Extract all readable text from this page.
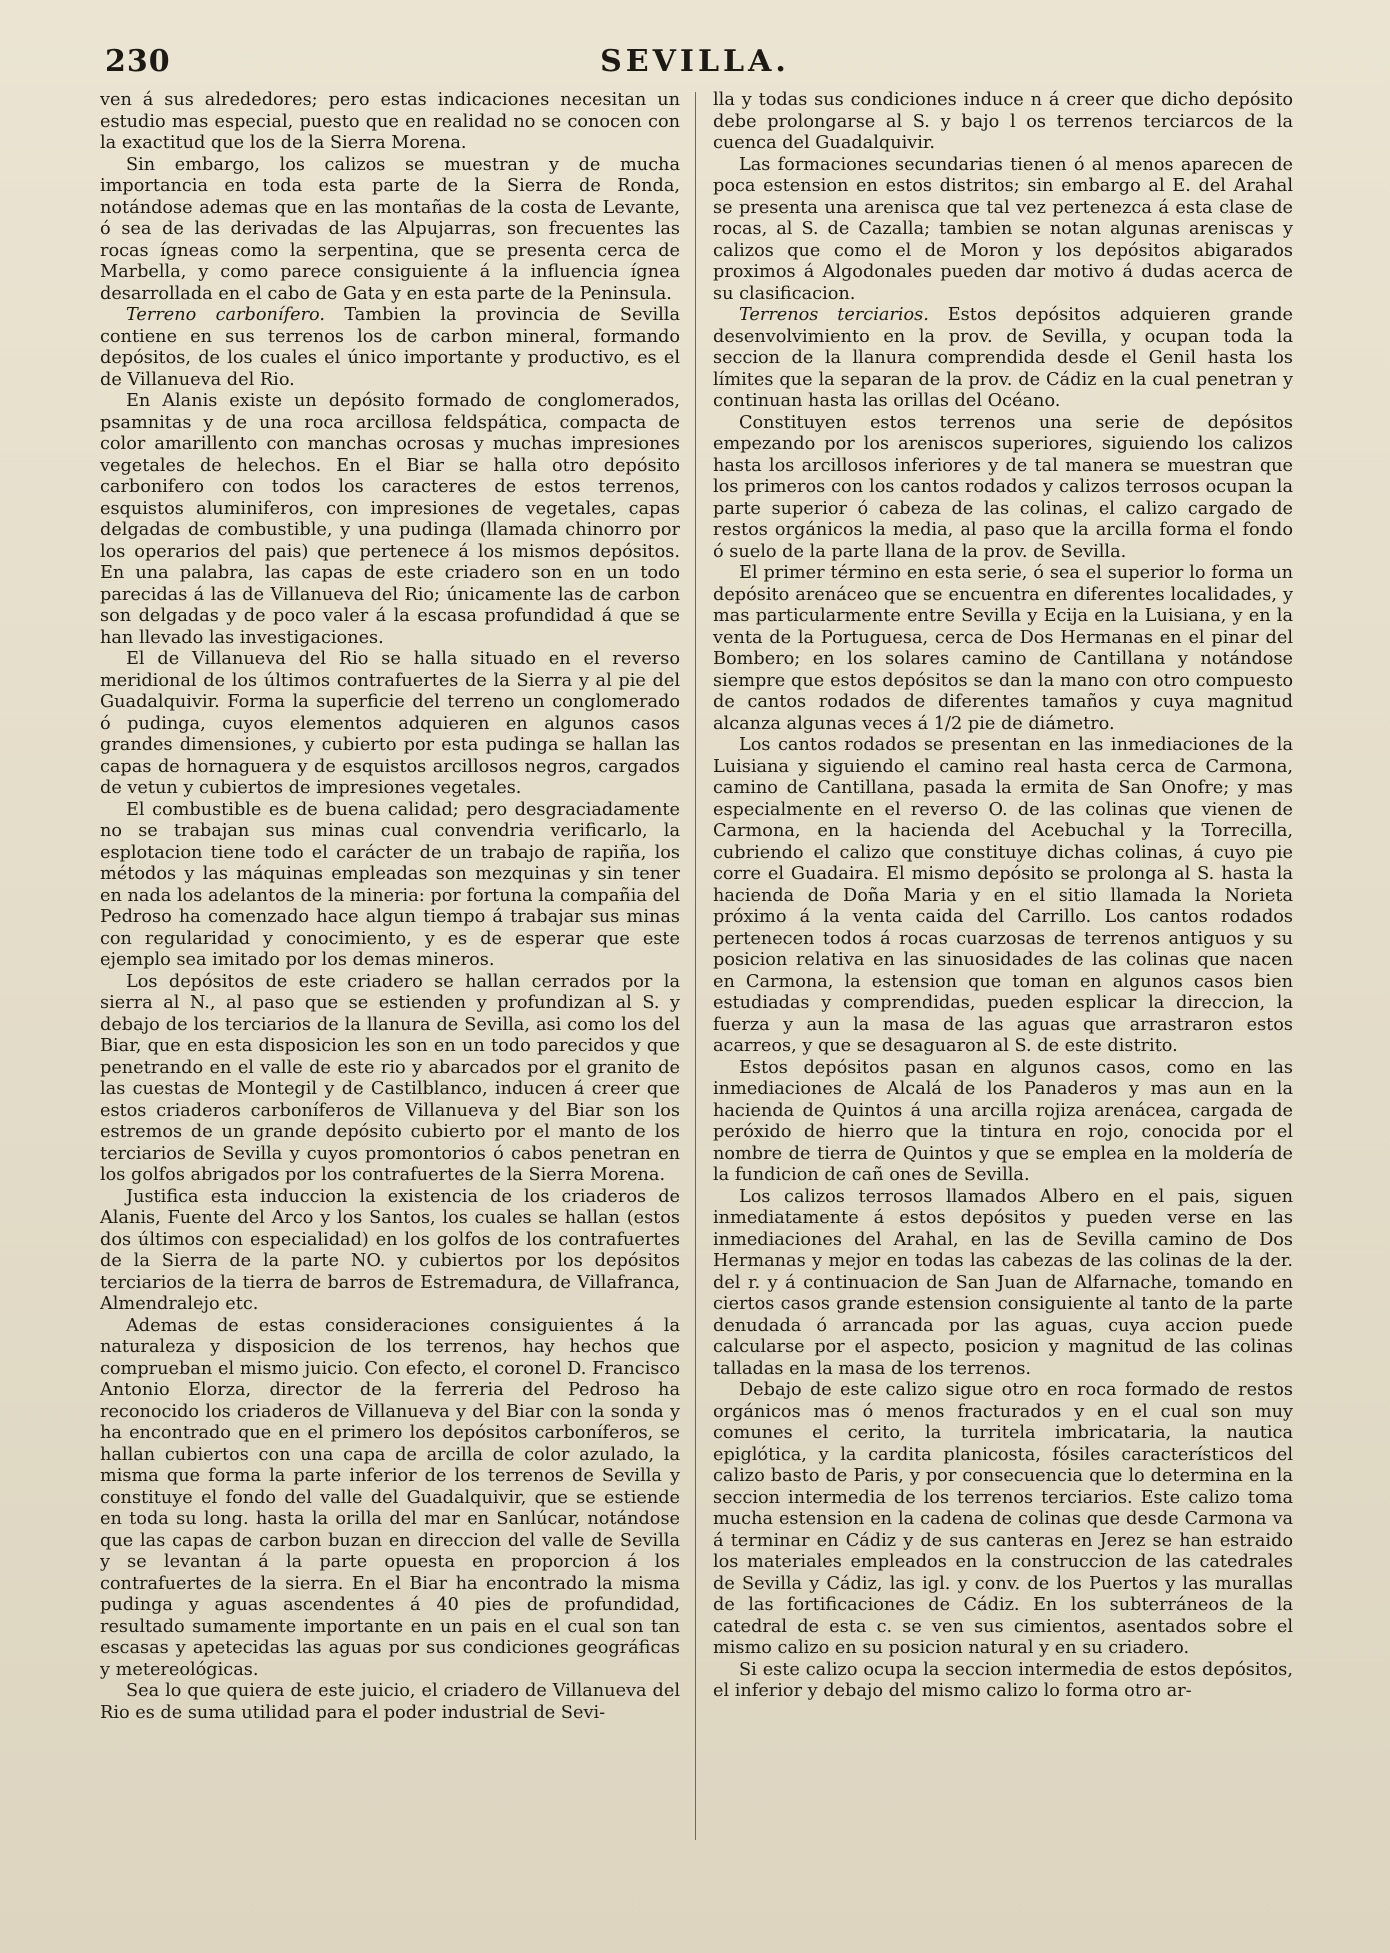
230	SEVILLA.

ven á sus alrededores; pero estas indicaciones necesitan un estudio mas especial, puesto que en realidad no se conocen con la exactitud que los de la Sierra Morena.

Sin embargo, los calizos se muestran y de mucha importancia en toda esta parte de la Sierra de Ronda, notándose ademas que en las montañas de la costa de Levante, ó sea de las derivadas de las Alpujarras, son frecuentes las rocas ígneas como la serpentina, que se presenta cerca de Marbella, y como parece consiguiente á la influencia ígnea desarrollada en el cabo de Gata y en esta parte de la Peninsula.

Terreno carbonífero. Tambien la provincia de Sevilla contiene en sus terrenos los de carbon mineral, formando depósitos, de los cuales el único importante y productivo, es el de Villanueva del Rio.

En Alanis existe un depósito formado de conglomerados, psamnitas y de una roca arcillosa feldspática, compacta de color amarillento con manchas ocrosas y muchas impresiones vegetales de helechos. En el Biar se halla otro depósito carbonifero con todos los caracteres de estos terrenos, esquistos aluminiferos, con impresiones de vegetales, capas delgadas de combustible, y una pudinga (llamada chinorro por los operarios del pais) que pertenece á los mismos depósitos. En una palabra, las capas de este criadero son en un todo parecidas á las de Villanueva del Rio; únicamente las de carbon son delgadas y de poco valer á la escasa profundidad á que se han llevado las investigaciones.

El de Villanueva del Rio se halla situado en el reverso meridional de los últimos contrafuertes de la Sierra y al pie del Guadalquivir. Forma la superficie del terreno un conglomerado ó pudinga, cuyos elementos adquieren en algunos casos grandes dimensiones, y cubierto por esta pudinga se hallan las capas de hornaguera y de esquistos arcillosos negros, cargados de vetun y cubiertos de impresiones vegetales.

El combustible es de buena calidad; pero desgraciadamente no se trabajan sus minas cual convendria verificarlo, la esplotacion tiene todo el carácter de un trabajo de rapiña, los métodos y las máquinas empleadas son mezquinas y sin tener en nada los adelantos de la mineria: por fortuna la compañia del Pedroso ha comenzado hace algun tiempo á trabajar sus minas con regularidad y conocimiento, y es de esperar que este ejemplo sea imitado por los demas mineros.

Los depósitos de este criadero se hallan cerrados por la sierra al N., al paso que se estienden y profundizan al S. y debajo de los terciarios de la llanura de Sevilla, asi como los del Biar, que en esta disposicion les son en un todo parecidos y que penetrando en el valle de este rio y abarcados por el granito de las cuestas de Montegil y de Castilblanco, inducen á creer que estos criaderos carboníferos de Villanueva y del Biar son los estremos de un grande depósito cubierto por el manto de los terciarios de Sevilla y cuyos promontorios ó cabos penetran en los golfos abrigados por los contrafuertes de la Sierra Morena.

Justifica esta induccion la existencia de los criaderos de Alanis, Fuente del Arco y los Santos, los cuales se hallan (estos dos últimos con especialidad) en los golfos de los contrafuertes de la Sierra de la parte NO. y cubiertos por los depósitos terciarios de la tierra de barros de Estremadura, de Villafranca, Almendralejo etc.

Ademas de estas consideraciones consiguientes á la naturaleza y disposicion de los terrenos, hay hechos que comprueban el mismo juicio. Con efecto, el coronel D. Francisco Antonio Elorza, director de la ferreria del Pedroso ha reconocido los criaderos de Villanueva y del Biar con la sonda y ha encontrado que en el primero los depósitos carboníferos, se hallan cubiertos con una capa de arcilla de color azulado, la misma que forma la parte inferior de los terrenos de Sevilla y constituye el fondo del valle del Guadalquivir, que se estiende en toda su long. hasta la orilla del mar en Sanlúcar, notándose que las capas de carbon buzan en direccion del valle de Sevilla y se levantan á la parte opuesta en proporcion á los contrafuertes de la sierra. En el Biar ha encontrado la misma pudinga y aguas ascendentes á 40 pies de profundidad, resultado sumamente importante en un pais en el cual son tan escasas y apetecidas las aguas por sus condiciones geográficas y metereológicas.

Sea lo que quiera de este juicio, el criadero de Villanueva del Rio es de suma utilidad para el poder industrial de Sevi-

lla y todas sus condiciones induce n á creer que dicho depósito debe prolongarse al S. y bajo l os terrenos terciarcos de la cuenca del Guadalquivir.

Las formaciones secundarias tienen ó al menos aparecen de poca estension en estos distritos; sin embargo al E. del Arahal se presenta una arenisca que tal vez pertenezca á esta clase de rocas, al S. de Cazalla; tambien se notan algunas areniscas y calizos que como el de Moron y los depósitos abigarados proximos á Algodonales pueden dar motivo á dudas acerca de su clasificacion.

Terrenos terciarios. Estos depósitos adquieren grande desenvolvimiento en la prov. de Sevilla, y ocupan toda la seccion de la llanura comprendida desde el Genil hasta los límites que la separan de la prov. de Cádiz en la cual penetran y continuan hasta las orillas del Océano.

Constituyen estos terrenos una serie de depósitos empezando por los areniscos superiores, siguiendo los calizos hasta los arcillosos inferiores y de tal manera se muestran que los primeros con los cantos rodados y calizos terrosos ocupan la parte superior ó cabeza de las colinas, el calizo cargado de restos orgánicos la media, al paso que la arcilla forma el fondo ó suelo de la parte llana de la prov. de Sevilla.

El primer término en esta serie, ó sea el superior lo forma un depósito arenáceo que se encuentra en diferentes localidades, y mas particularmente entre Sevilla y Ecija en la Luisiana, y en la venta de la Portuguesa, cerca de Dos Hermanas en el pinar del Bombero; en los solares camino de Cantillana y notándose siempre que estos depósitos se dan la mano con otro compuesto de cantos rodados de diferentes tamaños y cuya magnitud alcanza algunas veces á 1/2 pie de diámetro.

Los cantos rodados se presentan en las inmediaciones de la Luisiana y siguiendo el camino real hasta cerca de Carmona, camino de Cantillana, pasada la ermita de San Onofre; y mas especialmente en el reverso O. de las colinas que vienen de Carmona, en la hacienda del Acebuchal y la Torrecilla, cubriendo el calizo que constituye dichas colinas, á cuyo pie corre el Guadaira. El mismo depósito se prolonga al S. hasta la hacienda de Doña Maria y en el sitio llamada la Norieta próximo á la venta caida del Carrillo. Los cantos rodados pertenecen todos á rocas cuarzosas de terrenos antiguos y su posicion relativa en las sinuosidades de las colinas que nacen en Carmona, la estension que toman en algunos casos bien estudiadas y comprendidas, pueden esplicar la direccion, la fuerza y aun la masa de las aguas que arrastraron estos acarreos, y que se desaguaron al S. de este distrito.

Estos depósitos pasan en algunos casos, como en las inmediaciones de Alcalá de los Panaderos y mas aun en la hacienda de Quintos á una arcilla rojiza arenácea, cargada de peróxido de hierro que la tintura en rojo, conocida por el nombre de tierra de Quintos y que se emplea en la moldería de la fundicion de cañ ones de Sevilla.

Los calizos terrosos llamados Albero en el pais, siguen inmediatamente á estos depósitos y pueden verse en las inmediaciones del Arahal, en las de Sevilla camino de Dos Hermanas y mejor en todas las cabezas de las colinas de la der. del r. y á continuacion de San Juan de Alfarnache, tomando en ciertos casos grande estension consiguiente al tanto de la parte denudada ó arrancada por las aguas, cuya accion puede calcularse por el aspecto, posicion y magnitud de las colinas talladas en la masa de los terrenos.

Debajo de este calizo sigue otro en roca formado de restos orgánicos mas ó menos fracturados y en el cual son muy comunes el cerito, la turritela imbricataria, la nautica epiglótica, y la cardita planicosta, fósiles característicos del calizo basto de Paris, y por consecuencia que lo determina en la seccion intermedia de los terrenos terciarios. Este calizo toma mucha estension en la cadena de colinas que desde Carmona va á terminar en Cádiz y de sus canteras en Jerez se han estraido los materiales empleados en la construccion de las catedrales de Sevilla y Cádiz, las igl. y conv. de los Puertos y las murallas de las fortificaciones de Cádiz. En los subterráneos de la catedral de esta c. se ven sus cimientos, asentados sobre el mismo calizo en su posicion natural y en su criadero.

Si este calizo ocupa la seccion intermedia de estos depósitos, el inferior y debajo del mismo calizo lo forma otro ar-
